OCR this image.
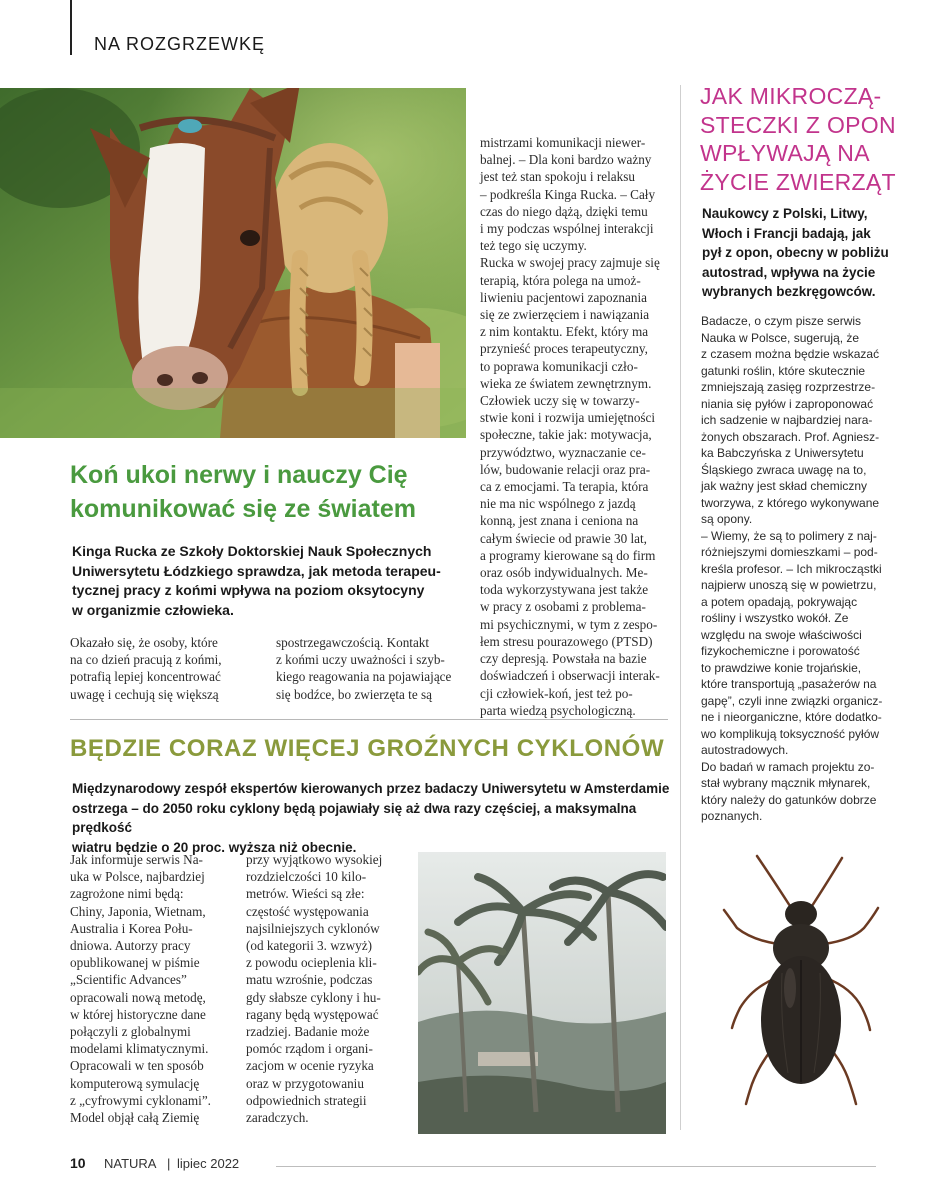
NA ROZGRZEWKĘ
Koń ukoi nerwy i nauczy Cię
komunikować się ze światem
Kinga Rucka ze Szkoły Doktorskiej Nauk Społecznych
Uniwersytetu Łódzkiego sprawdza, jak metoda terapeu-
tycznej pracy z końmi wpływa na poziom oksytocyny
w organizmie człowieka.
Okazało się, że osoby, które
na co dzień pracują z końmi,
potrafią lepiej koncentrować
uwagę i cechują się większą
spostrzegawczością. Kontakt
z końmi uczy uważności i szyb-
kiego reagowania na pojawiające
się bodźce, bo zwierzęta te są
mistrzami komunikacji niewer-
balnej. – Dla koni bardzo ważny
jest też stan spokoju i relaksu
– podkreśla Kinga Rucka. – Cały
czas do niego dążą, dzięki temu
i my podczas wspólnej interakcji
też tego się uczymy.
Rucka w swojej pracy zajmuje się
terapią, która polega na umoż-
liwieniu pacjentowi zapoznania
się ze zwierzęciem i nawiązania
z nim kontaktu. Efekt, który ma
przynieść proces terapeutyczny,
to poprawa komunikacji czło-
wieka ze światem zewnętrznym.
Człowiek uczy się w towarzy-
stwie koni i rozwija umiejętności
społeczne, takie jak: motywacja,
przywództwo, wyznaczanie ce-
lów, budowanie relacji oraz pra-
ca z emocjami. Ta terapia, która
nie ma nic wspólnego z jazdą
konną, jest znana i ceniona na
całym świecie od prawie 30 lat,
a programy kierowane są do firm
oraz osób indywidualnych. Me-
toda wykorzystywana jest także
w pracy z osobami z problema-
mi psychicznymi, w tym z zespo-
łem stresu pourazowego (PTSD)
czy depresją. Powstała na bazie
doświadczeń i obserwacji interak-
cji człowiek-koń, jest też po-
parta wiedzą psychologiczną.
BĘDZIE CORAZ WIĘCEJ GROŹNYCH CYKLONÓW
Międzynarodowy zespół ekspertów kierowanych przez badaczy Uniwersytetu w Amsterdamie
ostrzega – do 2050 roku cyklony będą pojawiały się aż dwa razy częściej, a maksymalna prędkość
wiatru będzie o 20 proc. wyższa niż obecnie.
Jak informuje serwis Na-
uka w Polsce, najbardziej
zagrożone nimi będą:
Chiny, Japonia, Wietnam,
Australia i Korea Połu-
dniowa. Autorzy pracy
opublikowanej w piśmie
„Scientific Advances”
opracowali nową metodę,
w której historyczne dane
połączyli z globalnymi
modelami klimatycznymi.
Opracowali w ten sposób
komputerową symulację
z „cyfrowymi cyklonami”.
Model objął całą Ziemię
przy wyjątkowo wysokiej
rozdzielczości 10 kilo-
metrów. Wieści są złe:
częstość występowania
najsilniejszych cyklonów
(od kategorii 3. wzwyż)
z powodu ocieplenia kli-
matu wzrośnie, podczas
gdy słabsze cyklony i hu-
ragany będą występować
rzadziej. Badanie może
pomóc rządom i organi-
zacjom w ocenie ryzyka
oraz w przygotowaniu
odpowiednich strategii
zaradczych.
JAK MIKROCZĄ-
STECZKI Z OPON
WPŁYWAJĄ NA
ŻYCIE ZWIERZĄT
Naukowcy z Polski, Litwy,
Włoch i Francji badają, jak
pył z opon, obecny w pobliżu
autostrad, wpływa na życie
wybranych bezkręgowców.
Badacze, o czym pisze serwis
Nauka w Polsce, sugerują, że
z czasem można będzie wskazać
gatunki roślin, które skutecznie
zmniejszają zasięg rozprzestrze-
niania się pyłów i zaproponować
ich sadzenie w najbardziej nara-
żonych obszarach. Prof. Agniesz-
ka Babczyńska z Uniwersytetu
Śląskiego zwraca uwagę na to,
jak ważny jest skład chemiczny
tworzywa, z którego wykonywane
są opony.
– Wiemy, że są to polimery z naj-
różniejszymi domieszkami – pod-
kreśla profesor. – Ich mikrocząstki
najpierw unoszą się w powietrzu,
a potem opadają, pokrywając
rośliny i wszystko wokół. Ze
względu na swoje właściwości
fizykochemiczne i porowatość
to prawdziwe konie trojańskie,
które transportują „pasażerów na
gapę”, czyli inne związki organicz-
ne i nieorganiczne, które dodatko-
wo komplikują toksyczność pyłów
autostradowych.
Do badań w ramach projektu zo-
stał wybrany mącznik młynarek,
który należy do gatunków dobrze
poznanych.
10 NATURA | lipiec 2022
